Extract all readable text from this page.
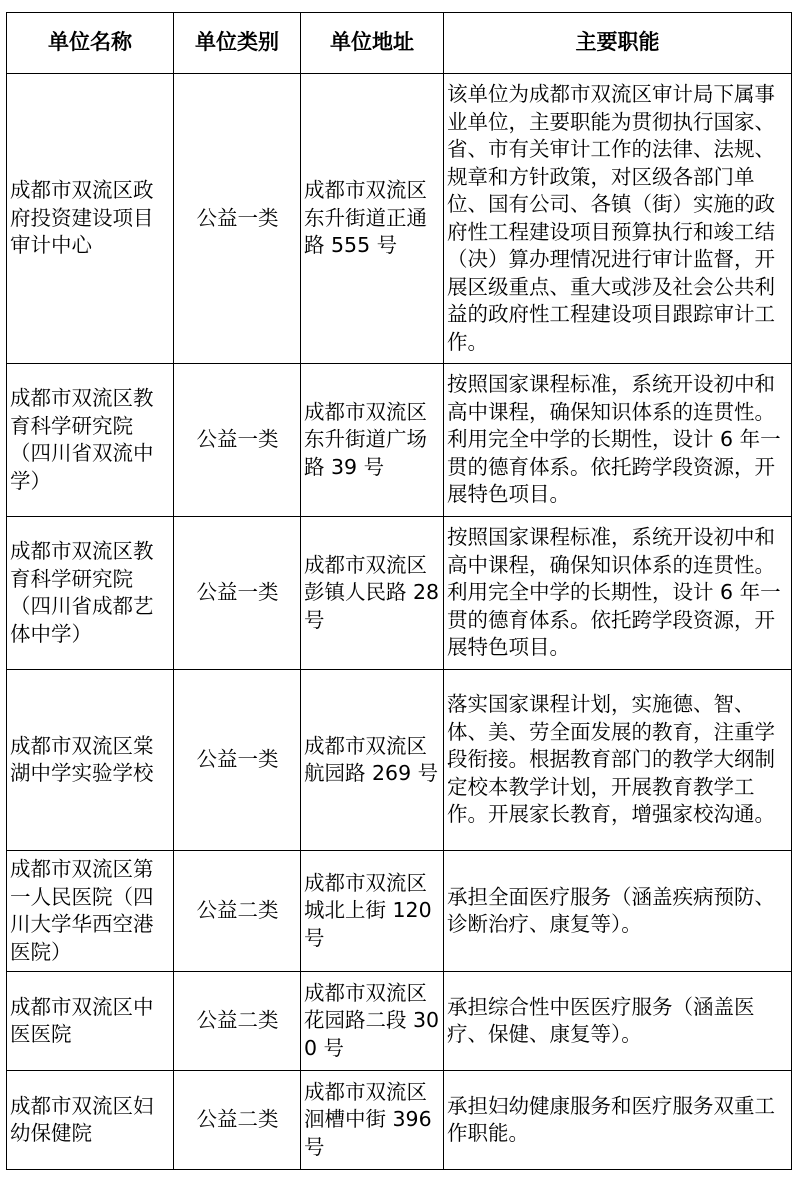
单位名称	单位类别	单位地址	主要职能
成都市双流区政府投资建设项目审计中心	公益一类	成都市双流区东升街道正通路 555 号	该单位为成都市双流区审计局下属事业单位，主要职能为贯彻执行国家、省、市有关审计工作的法律、法规、规章和方针政策，对区级各部门单位、国有公司、各镇（街）实施的政府性工程建设项目预算执行和竣工结（决）算办理情况进行审计监督，开展区级重点、重大或涉及社会公共利益的政府性工程建设项目跟踪审计工作。
成都市双流区教育科学研究院（四川省双流中学）	公益一类	成都市双流区东升街道广场路 39 号	按照国家课程标准，系统开设初中和高中课程，确保知识体系的连贯性。利用完全中学的长期性，设计 6 年一贯的德育体系。依托跨学段资源，开展特色项目。
成都市双流区教育科学研究院（四川省成都艺体中学）	公益一类	成都市双流区彭镇人民路 28 号	按照国家课程标准，系统开设初中和高中课程，确保知识体系的连贯性。利用完全中学的长期性，设计 6 年一贯的德育体系。依托跨学段资源，开展特色项目。
成都市双流区棠湖中学实验学校	公益一类	成都市双流区航园路 269 号	落实国家课程计划，实施德、智、体、美、劳全面发展的教育，注重学段衔接。根据教育部门的教学大纲制定校本教学计划，开展教育教学工作。开展家长教育，增强家校沟通。
成都市双流区第一人民医院（四川大学华西空港医院）	公益二类	成都市双流区城北上街 120 号	承担全面医疗服务（涵盖疾病预防、诊断治疗、康复等）。
成都市双流区中医医院	公益二类	成都市双流区花园路二段 300 号	承担综合性中医医疗服务（涵盖医疗、保健、康复等）。
成都市双流区妇幼保健院	公益二类	成都市双流区洄槽中街 396 号	承担妇幼健康服务和医疗服务双重工作职能。
